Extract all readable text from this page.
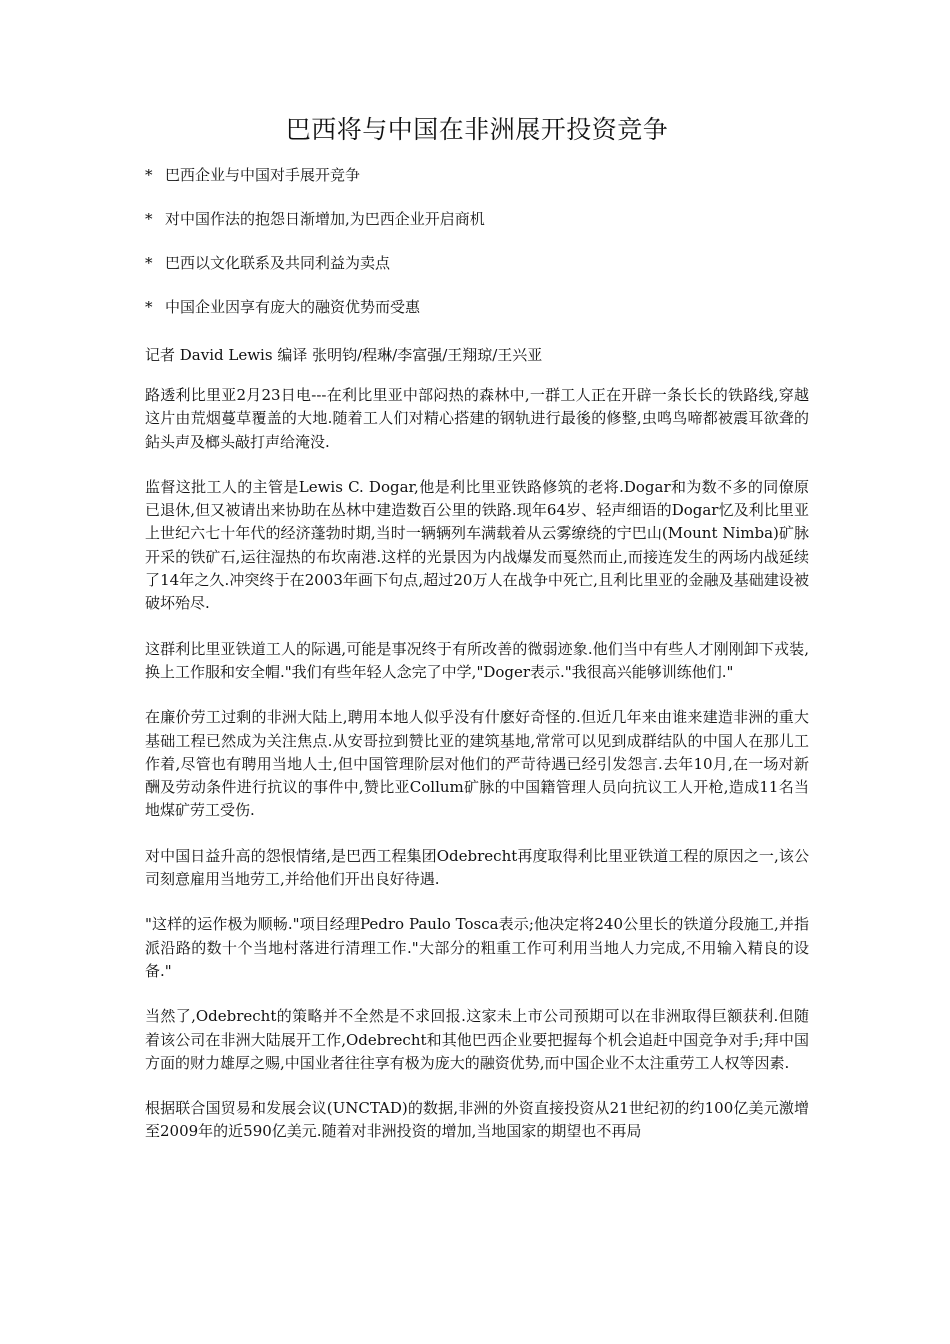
巴西将与中国在非洲展开投资竞争
* 巴西企业与中国对手展开竞争
* 对中国作法的抱怨日渐增加,为巴西企业开启商机
* 巴西以文化联系及共同利益为卖点
* 中国企业因享有庞大的融资优势而受惠
记者 David Lewis 编译 张明钧/程琳/李富强/王翔琼/王兴亚

路透利比里亚2月23日电---在利比里亚中部闷热的森林中,一群工人正在开辟一条长长的铁路线,穿越这片由荒烟蔓草覆盖的大地.随着工人们对精心搭建的钢轨进行最後的修整,虫鸣鸟啼都被震耳欲聋的鉆头声及榔头敲打声给淹没.

监督这批工人的主管是Lewis C. Dogar,他是利比里亚铁路修筑的老将.Dogar和为数不多的同僚原已退休,但又被请出来协助在丛林中建造数百公里的铁路.现年64岁、轻声细语的Dogar忆及利比里亚上世纪六七十年代的经济蓬勃时期,当时一辆辆列车满载着从云雾缭绕的宁巴山(Mount Nimba)矿脉开采的铁矿石,运往湿热的布坎南港.这样的光景因为内战爆发而戛然而止,而接连发生的两场内战延续了14年之久.冲突终于在2003年画下句点,超过20万人在战争中死亡,且利比里亚的金融及基础建设被破坏殆尽.

这群利比里亚铁道工人的际遇,可能是事况终于有所改善的微弱迹象.他们当中有些人才刚刚卸下戎装,换上工作服和安全帽."我们有些年轻人念完了中学,"Doger表示."我很高兴能够训练他们."

在廉价劳工过剩的非洲大陆上,聘用本地人似乎没有什麽好奇怪的.但近几年来由谁来建造非洲的重大基础工程已然成为关注焦点.从安哥拉到赞比亚的建筑基地,常常可以见到成群结队的中国人在那儿工作着,尽管也有聘用当地人士,但中国管理阶层对他们的严苛待遇已经引发怨言.去年10月,在一场对新酬及劳动条件进行抗议的事件中,赞比亚Collum矿脉的中国籍管理人员向抗议工人开枪,造成11名当地煤矿劳工受伤.

对中国日益升高的怨恨情绪,是巴西工程集团Odebrecht再度取得利比里亚铁道工程的原因之一,该公司刻意雇用当地劳工,并给他们开出良好待遇.

"这样的运作极为顺畅."项目经理Pedro Paulo Tosca表示;他决定将240公里长的铁道分段施工,并指派沿路的数十个当地村落进行清理工作."大部分的粗重工作可利用当地人力完成,不用输入精良的设备."

当然了,Odebrecht的策略并不全然是不求回报.这家未上市公司预期可以在非洲取得巨额获利.但随着该公司在非洲大陆展开工作,Odebrecht和其他巴西企业要把握每个机会追赶中国竞争对手;拜中国方面的财力雄厚之赐,中国业者往往享有极为庞大的融资优势,而中国企业不太注重劳工人权等因素.

根据联合国贸易和发展会议(UNCTAD)的数据,非洲的外资直接投资从21世纪初的约100亿美元激增至2009年的近590亿美元.随着对非洲投资的增加,当地国家的期望也不再局
